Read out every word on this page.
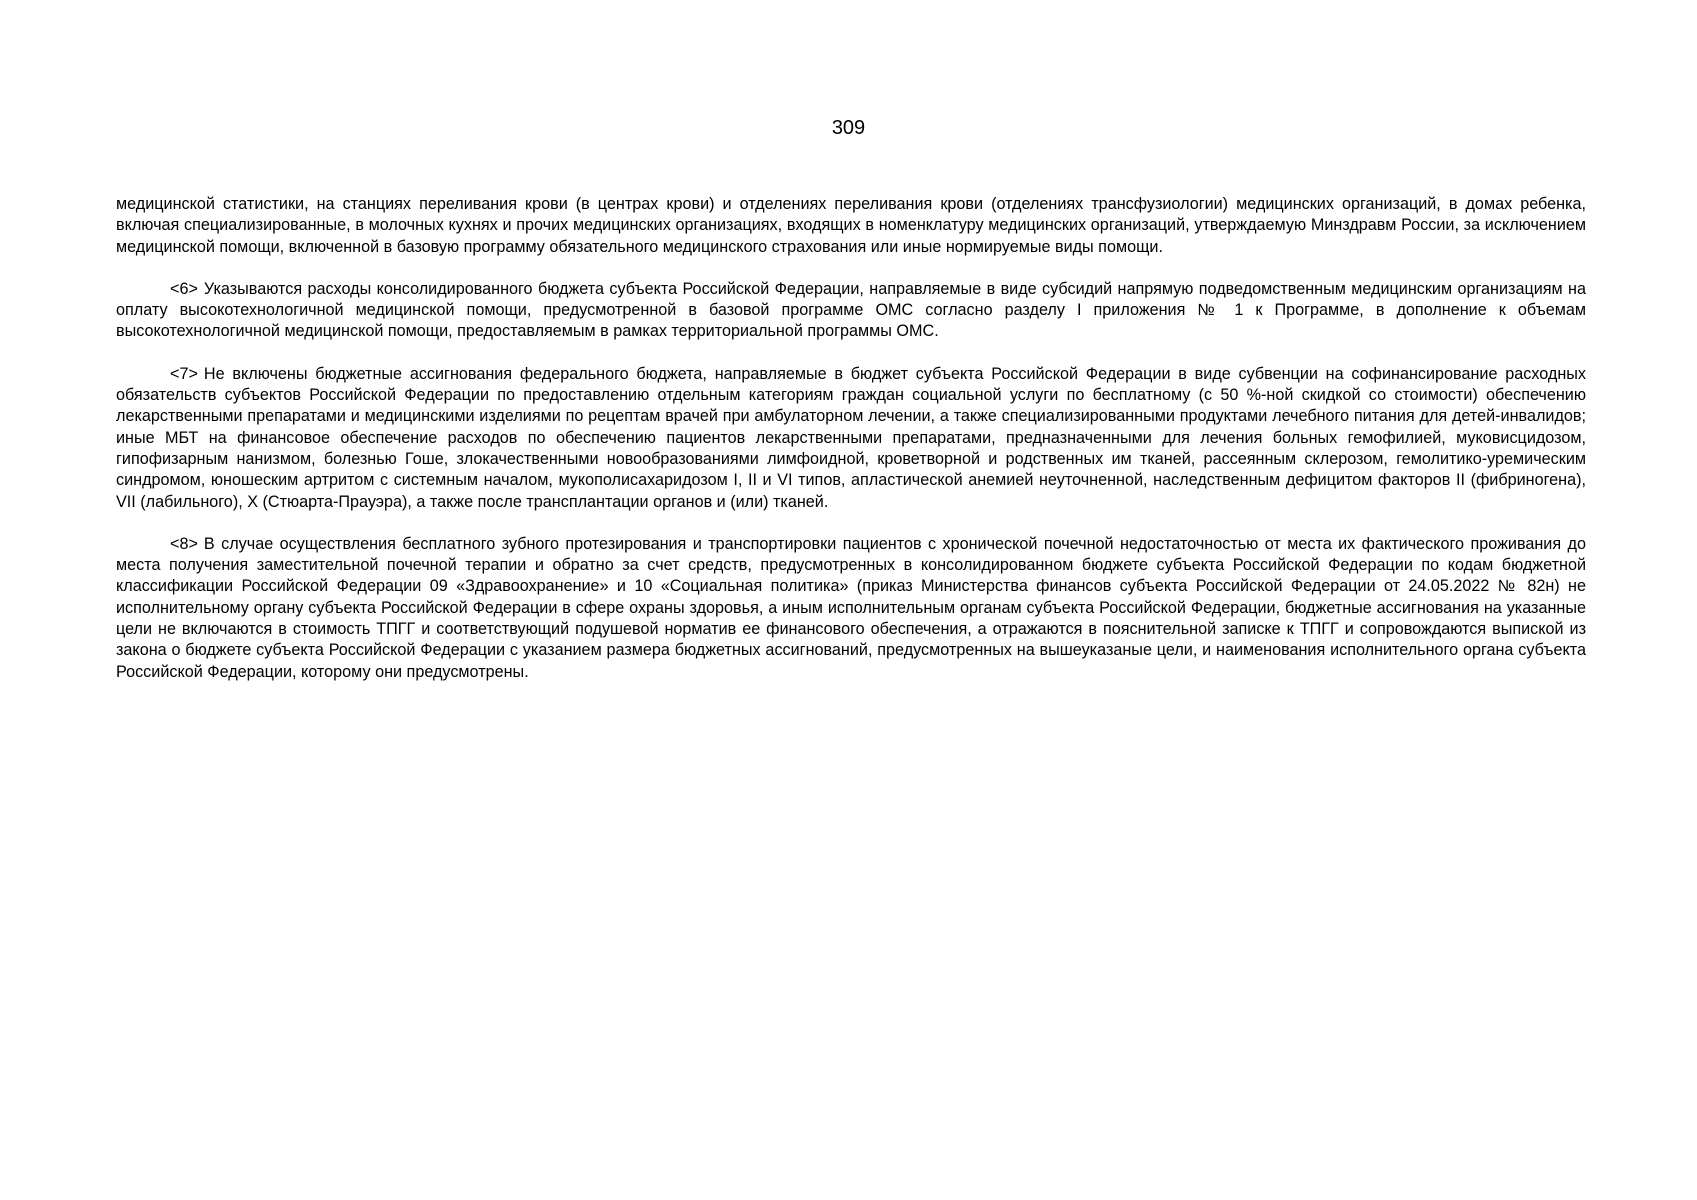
309

медицинской статистики, на станциях переливания крови (в центрах крови) и отделениях переливания крови (отделениях трансфузиологии) медицинских организаций, в домах ребенка, включая специализированные, в молочных кухнях и прочих медицинских организациях, входящих в номенклатуру медицинских организаций, утверждаемую Минздравм России, за исключением медицинской помощи, включенной в базовую программу обязательного медицинского страхования или иные нормируемые виды помощи.

<6> Указываются расходы консолидированного бюджета субъекта Российской Федерации, направляемые в виде субсидий напрямую подведомственным медицинским организациям на оплату высокотехнологичной медицинской помощи, предусмотренной в базовой программе ОМС согласно разделу I приложения № 1 к Программе, в дополнение к объемам высокотехнологичной медицинской помощи, предоставляемым в рамках территориальной программы ОМС.

<7> Не включены бюджетные ассигнования федерального бюджета, направляемые в бюджет субъекта Российской Федерации в виде субвенции на софинансирование расходных обязательств субъектов Российской Федерации по предоставлению отдельным категориям граждан социальной услуги по бесплатному (с 50 %-ной скидкой со стоимости) обеспечению лекарственными препаратами и медицинскими изделиями по рецептам врачей при амбулаторном лечении, а также специализированными продуктами лечебного питания для детей-инвалидов; иные МБТ на финансовое обеспечение расходов по обеспечению пациентов лекарственными препаратами, предназначенными для лечения больных гемофилией, муковисцидозом, гипофизарным нанизмом, болезнью Гоше, злокачественными новообразованиями лимфоидной, кроветворной и родственных им тканей, рассеянным склерозом, гемолитико-уремическим синдромом, юношеским артритом с системным началом, мукополисахаридозом I, II и VI типов, апластической анемией неуточненной, наследственным дефицитом факторов II (фибриногена), VII (лабильного), X (Стюарта-Прауэра), а также после трансплантации органов и (или) тканей.

<8> В случае осуществления бесплатного зубного протезирования и транспортировки пациентов с хронической почечной недостаточностью от места их фактического проживания до места получения заместительной почечной терапии и обратно за счет средств, предусмотренных в консолидированном бюджете субъекта Российской Федерации по кодам бюджетной классификации Российской Федерации 09 «Здравоохранение» и 10 «Социальная политика» (приказ Министерства финансов субъекта Российской Федерации от 24.05.2022 № 82н) не исполнительному органу субъекта Российской Федерации в сфере охраны здоровья, а иным исполнительным органам субъекта Российской Федерации, бюджетные ассигнования на указанные цели не включаются в стоимость ТПГГ и соответствующий подушевой норматив ее финансового обеспечения, а отражаются в пояснительной записке к ТПГГ и сопровождаются выпиской из закона о бюджете субъекта Российской Федерации с указанием размера бюджетных ассигнований, предусмотренных на вышеуказаные цели, и наименования исполнительного органа субъекта Российской Федерации, которому они предусмотрены.
